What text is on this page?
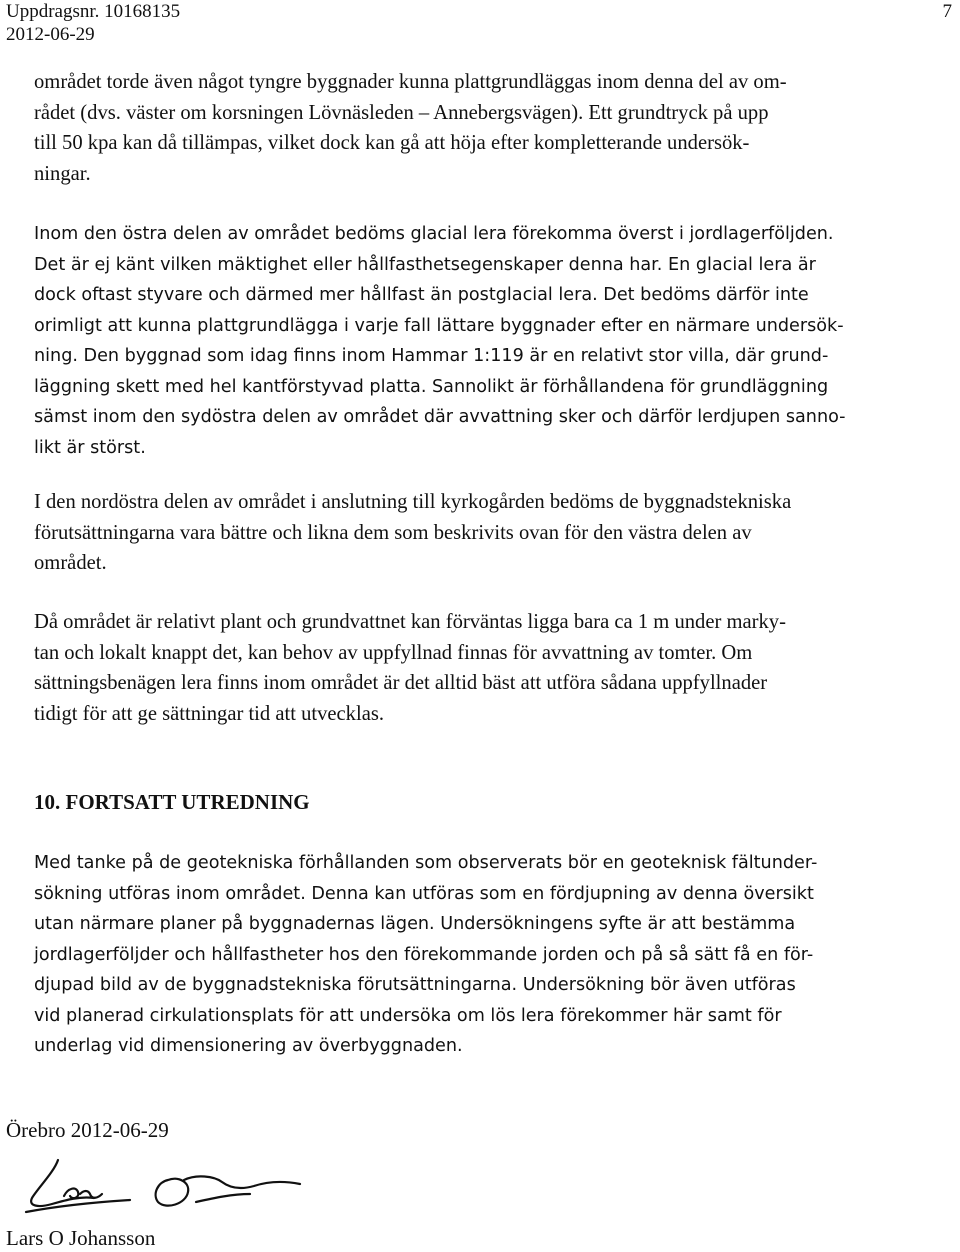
Uppdragsnr. 10168135
2012-06-29
7

området torde även något tyngre byggnader kunna plattgrundläggas inom denna del av om-
rådet (dvs. väster om korsningen Lövnäsleden – Annebergsvägen). Ett grundtryck på upp
till 50 kpa kan då tillämpas, vilket dock kan gå att höja efter kompletterande undersök-
ningar.

Inom den östra delen av området bedöms glacial lera förekomma överst i jordlagerföljden.
Det är ej känt vilken mäktighet eller hållfasthetsegenskaper denna har. En glacial lera är
dock oftast styvare och därmed mer hållfast än postglacial lera. Det bedöms därför inte
orimligt att kunna plattgrundlägga i varje fall lättare byggnader efter en närmare undersök-
ning. Den byggnad som idag finns inom Hammar 1:119 är en relativt stor villa, där grund-
läggning skett med hel kantförstyvad platta. Sannolikt är förhållandena för grundläggning
sämst inom den sydöstra delen av området där avvattning sker och därför lerdjupen sanno-
likt är störst.

I den nordöstra delen av området i anslutning till kyrkogården bedöms de byggnadstekniska
förutsättningarna vara bättre och likna dem som beskrivits ovan för den västra delen av
området.

Då området är relativt plant och grundvattnet kan förväntas ligga bara ca 1 m under marky-
tan och lokalt knappt det, kan behov av uppfyllnad finnas för avvattning av tomter. Om
sättningsbenägen lera finns inom området är det alltid bäst att utföra sådana uppfyllnader
tidigt för att ge sättningar tid att utvecklas.

10. FORTSATT UTREDNING

Med tanke på de geotekniska förhållanden som observerats bör en geoteknisk fältunder-
sökning utföras inom området. Denna kan utföras som en fördjupning av denna översikt
utan närmare planer på byggnadernas lägen. Undersökningens syfte är att bestämma
jordlagerföljder och hållfastheter hos den förekommande jorden och på så sätt få en för-
djupad bild av de byggnadstekniska förutsättningarna. Undersökning bör även utföras
vid planerad cirkulationsplats för att undersöka om lös lera förekommer här samt för
underlag vid dimensionering av överbyggnaden.

Örebro 2012-06-29
Lars O Johansson
